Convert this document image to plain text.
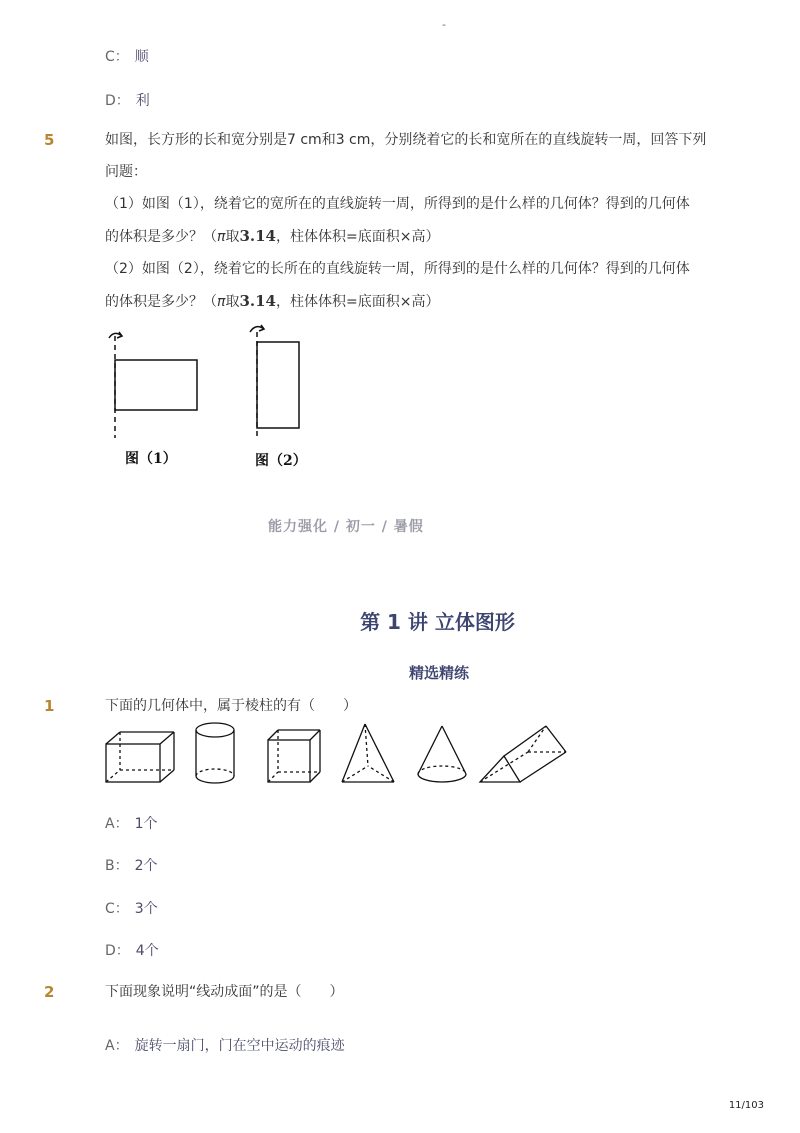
-
C： 顺
D： 利
5	如图，长方形的长和宽分别是7 cm和3 cm，分别绕着它的长和宽所在的直线旋转一周，回答下列
问题：
（1）如图（1），绕着它的宽所在的直线旋转一周，所得到的是什么样的几何体？得到的几何体
的体积是多少？（π取3.14，柱体体积=底面积×高）
（2）如图（2），绕着它的长所在的直线旋转一周，所得到的是什么样的几何体？得到的几何体
的体积是多少？（π取3.14，柱体体积=底面积×高）
图（1）	图（2）
能力强化 / 初一 / 暑假
第 1 讲 立体图形
精选精练
1	下面的几何体中，属于棱柱的有（　　）
A： 1个
B： 2个
C： 3个
D： 4个
2	下面现象说明“线动成面”的是（　　）
A： 旋转一扇门，门在空中运动的痕迹
11/103
